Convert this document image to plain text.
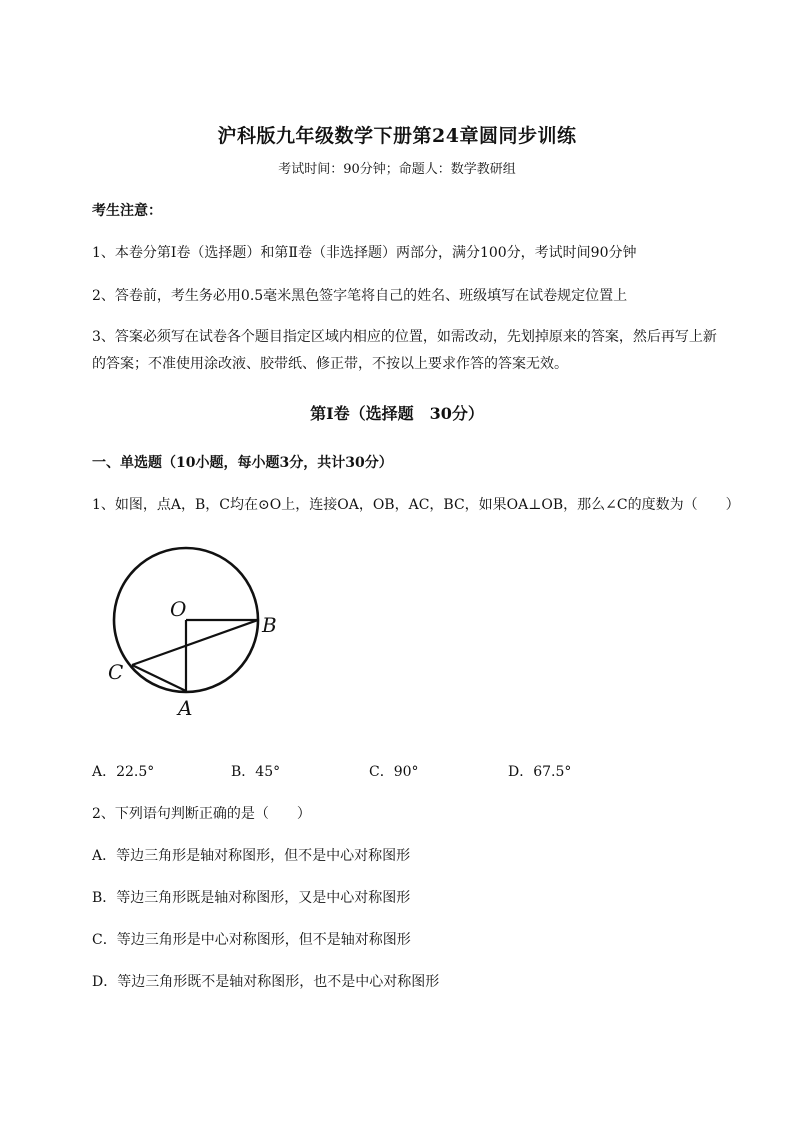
沪科版九年级数学下册第24章圆同步训练
考试时间：90分钟；命题人：数学教研组
考生注意：
1、本卷分第I卷（选择题）和第Ⅱ卷（非选择题）两部分，满分100分，考试时间90分钟
2、答卷前，考生务必用0.5毫米黑色签字笔将自己的姓名、班级填写在试卷规定位置上
3、答案必须写在试卷各个题目指定区域内相应的位置，如需改动，先划掉原来的答案，然后再写上新
的答案；不准使用涂改液、胶带纸、修正带，不按以上要求作答的答案无效。
第I卷（选择题　30分）
一、单选题（10小题，每小题3分，共计30分）
1、如图，点A，B，C均在⊙O上，连接OA，OB，AC，BC，如果OA⊥OB，那么∠C的度数为（　　）
O
B
C
A
A．22.5°	B．45°	C．90°	D．67.5°
2、下列语句判断正确的是（　　）
A．等边三角形是轴对称图形，但不是中心对称图形
B．等边三角形既是轴对称图形，又是中心对称图形
C．等边三角形是中心对称图形，但不是轴对称图形
D．等边三角形既不是轴对称图形，也不是中心对称图形
